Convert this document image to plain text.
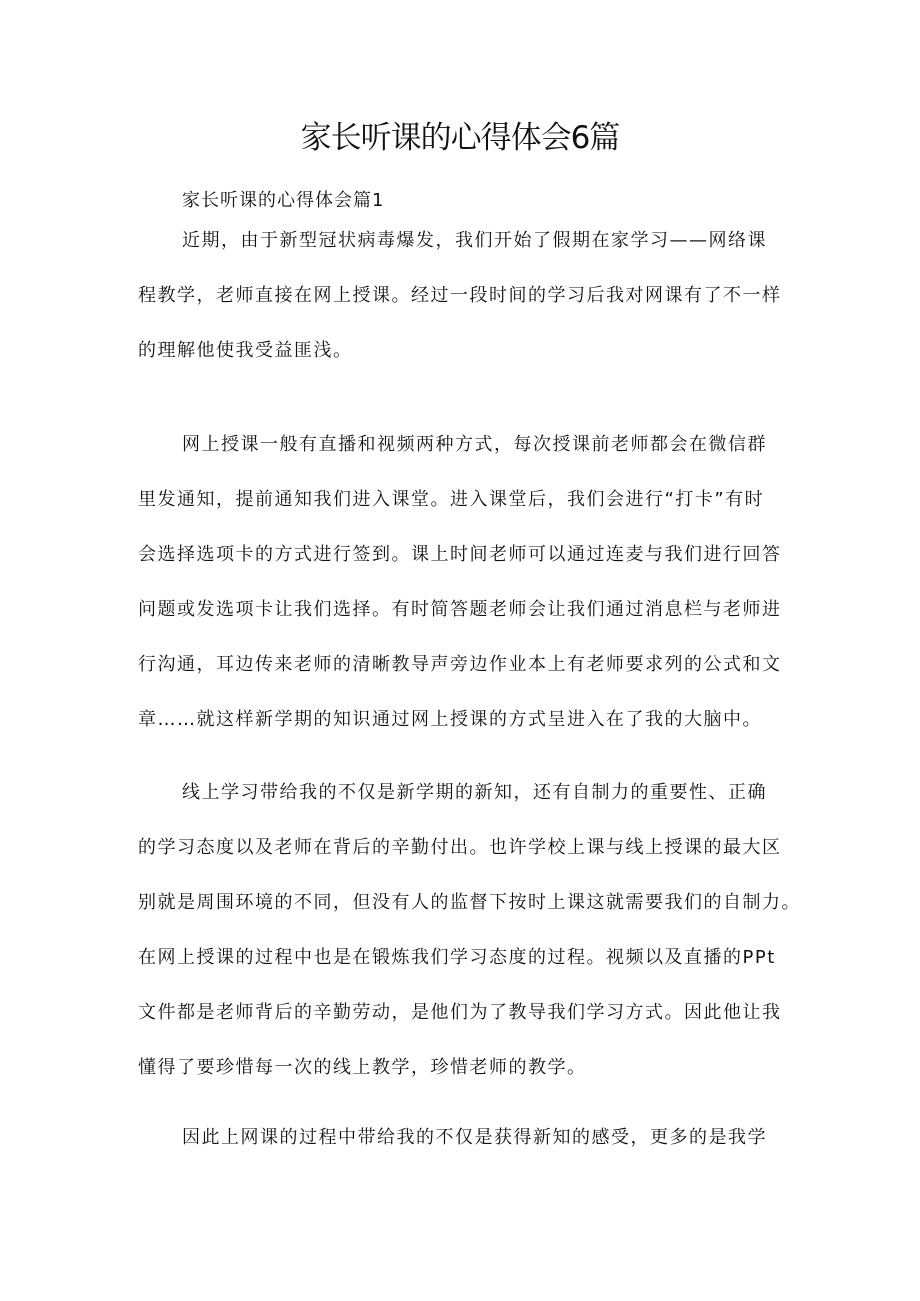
家长听课的心得体会6篇

家长听课的心得体会篇1

近期，由于新型冠状病毒爆发，我们开始了假期在家学习——网络课
程教学，老师直接在网上授课。经过一段时间的学习后我对网课有了不一样
的理解他使我受益匪浅。

网上授课一般有直播和视频两种方式，每次授课前老师都会在微信群
里发通知，提前通知我们进入课堂。进入课堂后，我们会进行“打卡”有时
会选择选项卡的方式进行签到。课上时间老师可以通过连麦与我们进行回答
问题或发选项卡让我们选择。有时简答题老师会让我们通过消息栏与老师进
行沟通，耳边传来老师的清晰教导声旁边作业本上有老师要求列的公式和文
章……就这样新学期的知识通过网上授课的方式呈进入在了我的大脑中。

线上学习带给我的不仅是新学期的新知，还有自制力的重要性、正确
的学习态度以及老师在背后的辛勤付出。也许学校上课与线上授课的最大区
别就是周围环境的不同，但没有人的监督下按时上课这就需要我们的自制力。
在网上授课的过程中也是在锻炼我们学习态度的过程。视频以及直播的PPt
文件都是老师背后的辛勤劳动，是他们为了教导我们学习方式。因此他让我
懂得了要珍惜每一次的线上教学，珍惜老师的教学。

因此上网课的过程中带给我的不仅是获得新知的感受，更多的是我学
